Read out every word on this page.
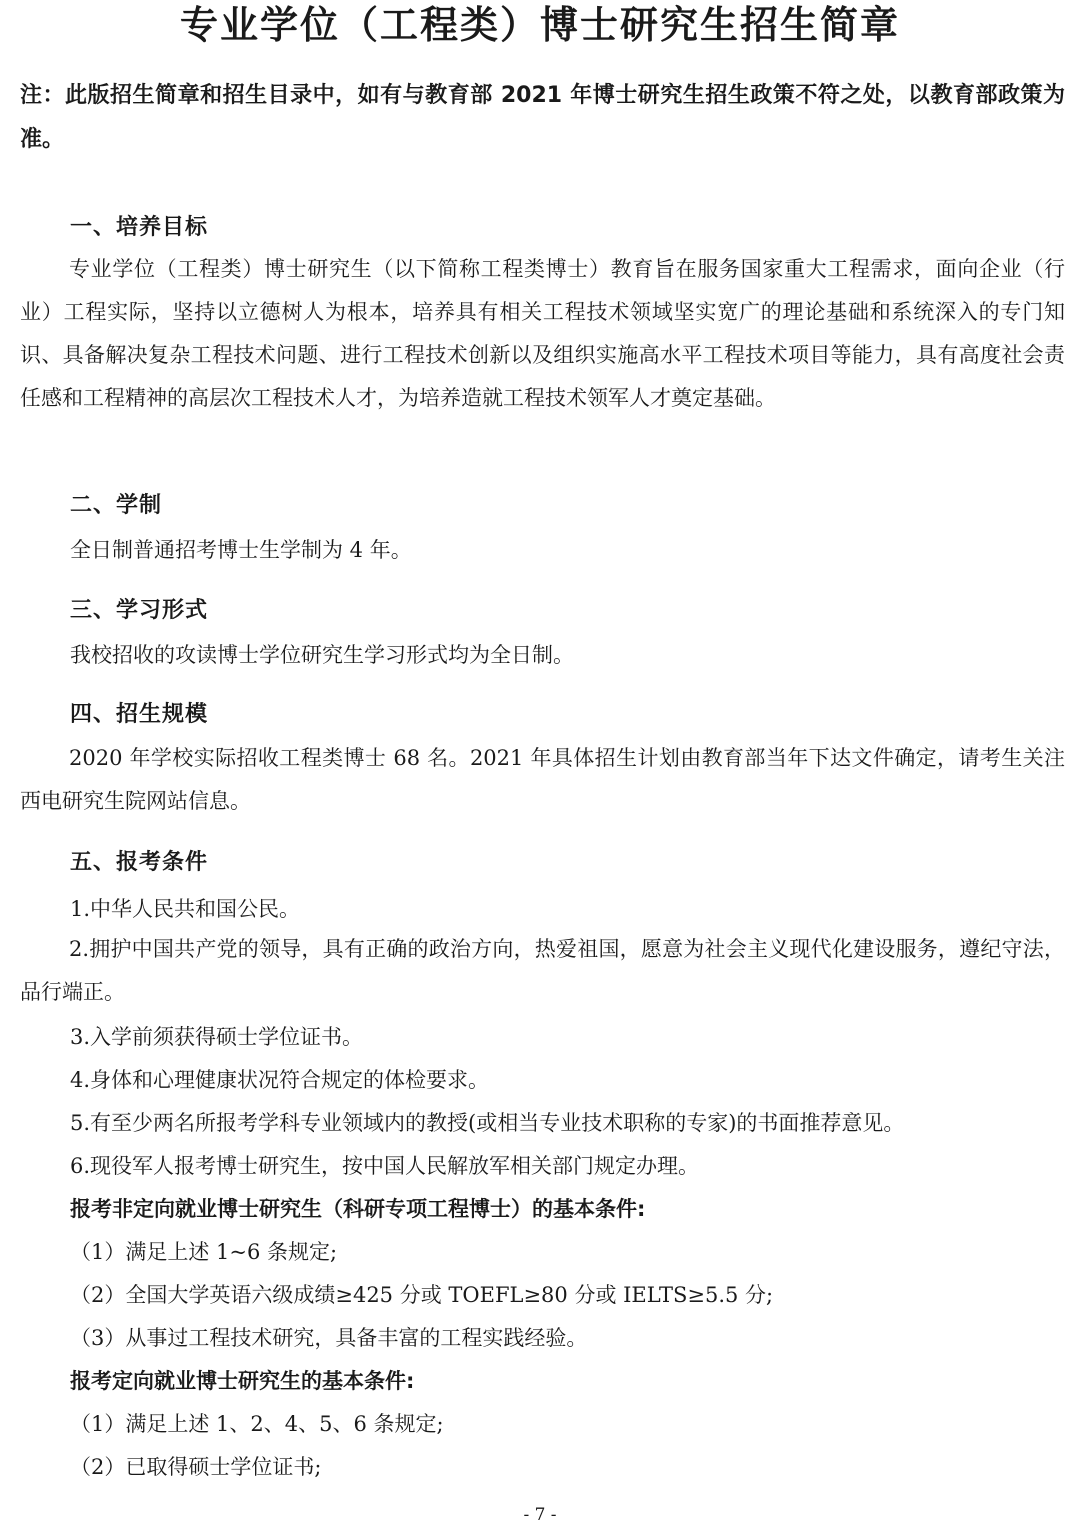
专业学位（工程类）博士研究生招生简章
注：此版招生简章和招生目录中，如有与教育部 2021 年博士研究生招生政策不符之处，以教育部政策为准。
一、培养目标
专业学位（工程类）博士研究生（以下简称工程类博士）教育旨在服务国家重大工程需求，面向企业（行业）工程实际，坚持以立德树人为根本，培养具有相关工程技术领域坚实宽广的理论基础和系统深入的专门知识、具备解决复杂工程技术问题、进行工程技术创新以及组织实施高水平工程技术项目等能力，具有高度社会责任感和工程精神的高层次工程技术人才，为培养造就工程技术领军人才奠定基础。
二、学制
全日制普通招考博士生学制为 4 年。
三、学习形式
我校招收的攻读博士学位研究生学习形式均为全日制。
四、招生规模
2020 年学校实际招收工程类博士 68 名。2021 年具体招生计划由教育部当年下达文件确定，请考生关注西电研究生院网站信息。
五、报考条件
1.中华人民共和国公民。
2.拥护中国共产党的领导，具有正确的政治方向，热爱祖国，愿意为社会主义现代化建设服务，遵纪守法，品行端正。
3.入学前须获得硕士学位证书。
4.身体和心理健康状况符合规定的体检要求。
5.有至少两名所报考学科专业领域内的教授(或相当专业技术职称的专家)的书面推荐意见。
6.现役军人报考博士研究生，按中国人民解放军相关部门规定办理。
报考非定向就业博士研究生（科研专项工程博士）的基本条件:
（1）满足上述 1~6 条规定;
（2）全国大学英语六级成绩≥425 分或 TOEFL≥80 分或 IELTS≥5.5 分;
（3）从事过工程技术研究，具备丰富的工程实践经验。
报考定向就业博士研究生的基本条件:
（1）满足上述 1、2、4、5、6 条规定;
（2）已取得硕士学位证书;
- 7 -
